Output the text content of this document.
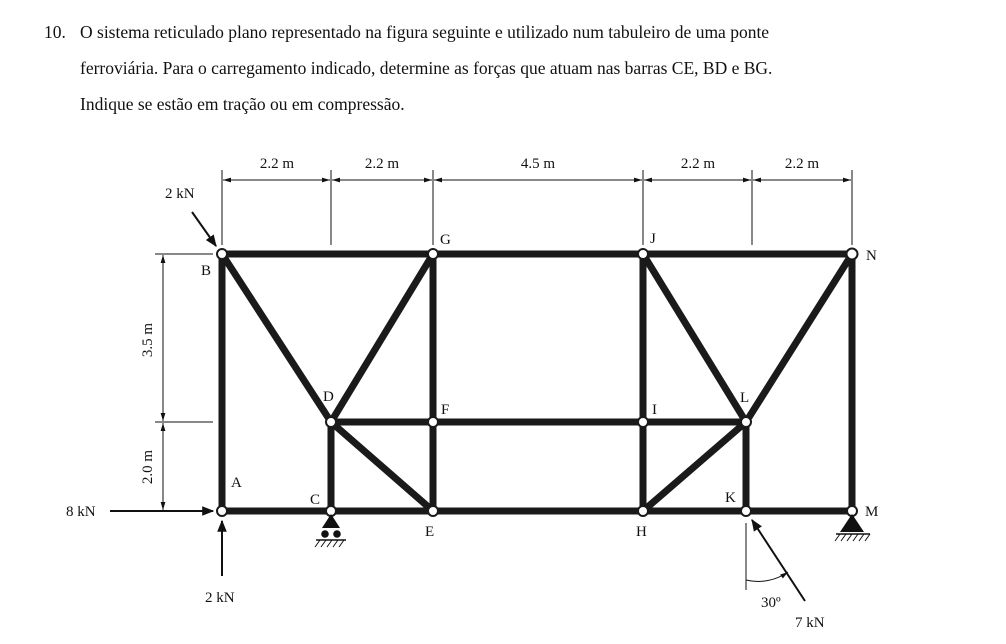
10. O sistema reticulado plano representado na figura seguinte e utilizado num tabuleiro de uma ponte
ferroviária. Para o carregamento indicado, determine as forças que atuam nas barras CE, BD e BG.
Indique se estão em tração ou em compressão.
2.2 m	2.2 m	4.5 m	2.2 m	2.2 m
3.5 m
2.0 m
2 kN
8 kN
2 kN	30º
7 kN
A
B
C
D
E
F
G
H
I
J
K
L
M
N
